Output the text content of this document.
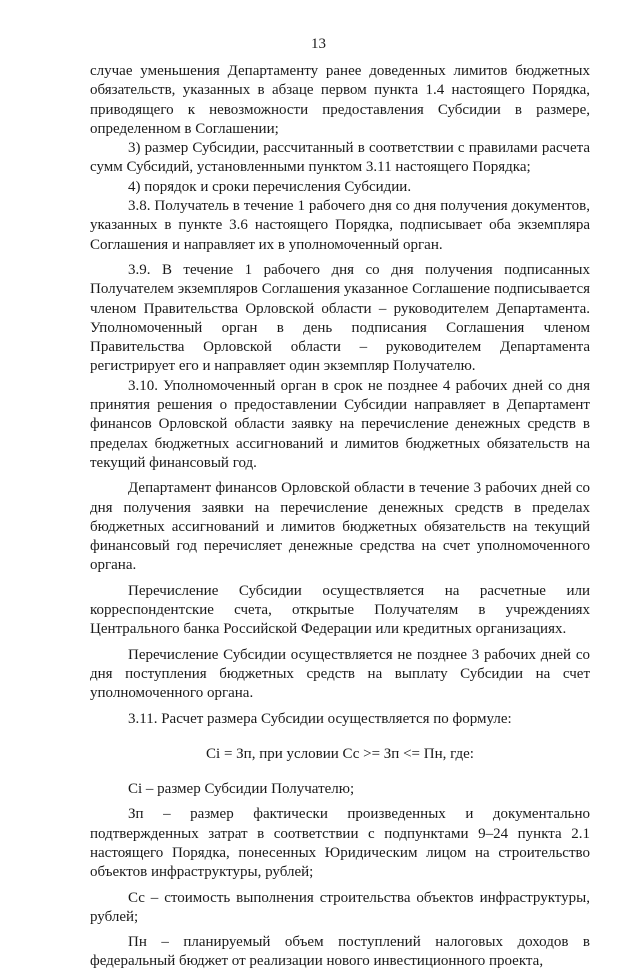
13

случае уменьшения Департаменту ранее доведенных лимитов бюджетных обязательств, указанных в абзаце первом пункта 1.4 настоящего Порядка, приводящего к невозможности предоставления Субсидии в размере, определенном в Соглашении;

3) размер Субсидии, рассчитанный в соответствии с правилами расчета сумм Субсидий, установленными пунктом 3.11 настоящего Порядка;

4) порядок и сроки перечисления Субсидии.

3.8. Получатель в течение 1 рабочего дня со дня получения документов, указанных в пункте 3.6 настоящего Порядка, подписывает оба экземпляра Соглашения и направляет их в уполномоченный орган.

3.9. В течение 1 рабочего дня со дня получения подписанных Получателем экземпляров Соглашения указанное Соглашение подписывается членом Правительства Орловской области – руководителем Департамента. Уполномоченный орган в день подписания Соглашения членом Правительства Орловской области – руководителем Департамента регистрирует его и направляет один экземпляр Получателю.

3.10. Уполномоченный орган в срок не позднее 4 рабочих дней со дня принятия решения о предоставлении Субсидии направляет в Департамент финансов Орловской области заявку на перечисление денежных средств в пределах бюджетных ассигнований и лимитов бюджетных обязательств на текущий финансовый год.

Департамент финансов Орловской области в течение 3 рабочих дней со дня получения заявки на перечисление денежных средств в пределах бюджетных ассигнований и лимитов бюджетных обязательств на текущий финансовый год перечисляет денежные средства на счет уполномоченного органа.

Перечисление Субсидии осуществляется на расчетные или корреспондентские счета, открытые Получателям в учреждениях Центрального банка Российской Федерации или кредитных организациях.

Перечисление Субсидии осуществляется не позднее 3 рабочих дней со дня поступления бюджетных средств на выплату Субсидии на счет уполномоченного органа.

3.11. Расчет размера Субсидии осуществляется по формуле:

Сi = Зп, при условии Сс >= Зп <= Пн, где:

Сi – размер Субсидии Получателю;

Зп – размер фактически произведенных и документально подтвержденных затрат в соответствии с подпунктами 9–24 пункта 2.1 настоящего Порядка, понесенных Юридическим лицом на строительство объектов инфраструктуры, рублей;

Сс – стоимость выполнения строительства объектов инфраструктуры, рублей;

Пн – планируемый объем поступлений налоговых доходов в федеральный бюджет от реализации нового инвестиционного проекта,
